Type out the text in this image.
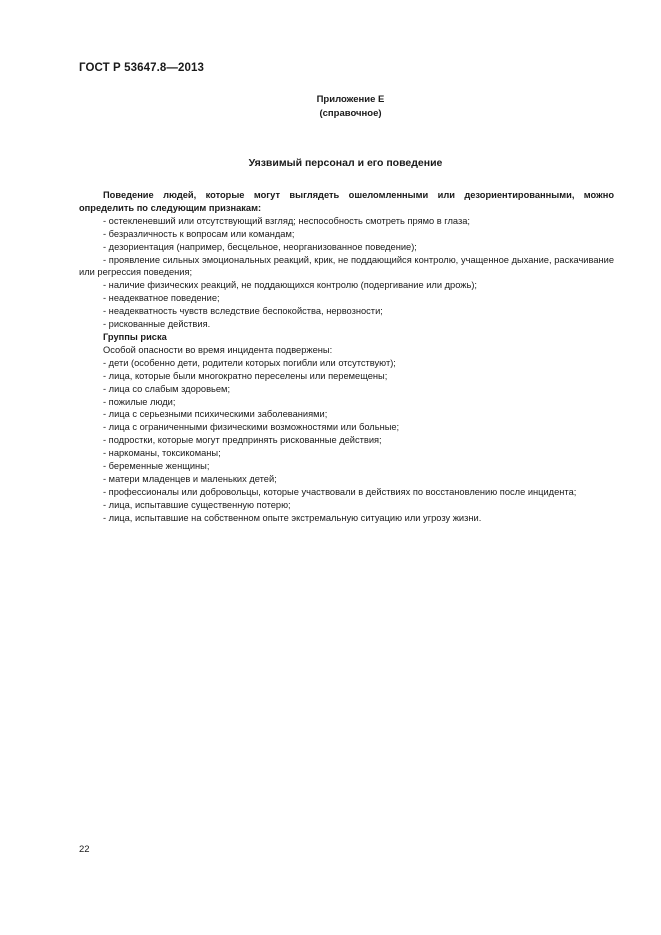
ГОСТ Р 53647.8—2013
Приложение Е
(справочное)
Уязвимый персонал и его поведение

Поведение людей, которые могут выглядеть ошеломленными или дезориентированными, можно определить по следующим признакам:

- остекленевший или отсутствующий взгляд; неспособность смотреть прямо в глаза;

- безразличность к вопросам или командам;

- дезориентация (например, бесцельное, неорганизованное поведение);

- проявление сильных эмоциональных реакций, крик, не поддающийся контролю, учащенное дыхание, раскачивание или регрессия поведения;

- наличие физических реакций, не поддающихся контролю (подергивание или дрожь);

- неадекватное поведение;

- неадекватность чувств вследствие беспокойства, нервозности;

- рискованные действия.

Группы риска

Особой опасности во время инцидента подвержены:

- дети (особенно дети, родители которых погибли или отсутствуют);

- лица, которые были многократно переселены или перемещены;

- лица со слабым здоровьем;

- пожилые люди;

- лица с серьезными психическими заболеваниями;

- лица с ограниченными физическими возможностями или больные;

- подростки, которые могут предпринять рискованные действия;

- наркоманы, токсикоманы;

- беременные женщины;

- матери младенцев и маленьких детей;

- профессионалы или добровольцы, которые участвовали в действиях по восстановлению после инцидента;

- лица, испытавшие существенную потерю;

- лица, испытавшие на собственном опыте экстремальную ситуацию или угрозу жизни.

22
